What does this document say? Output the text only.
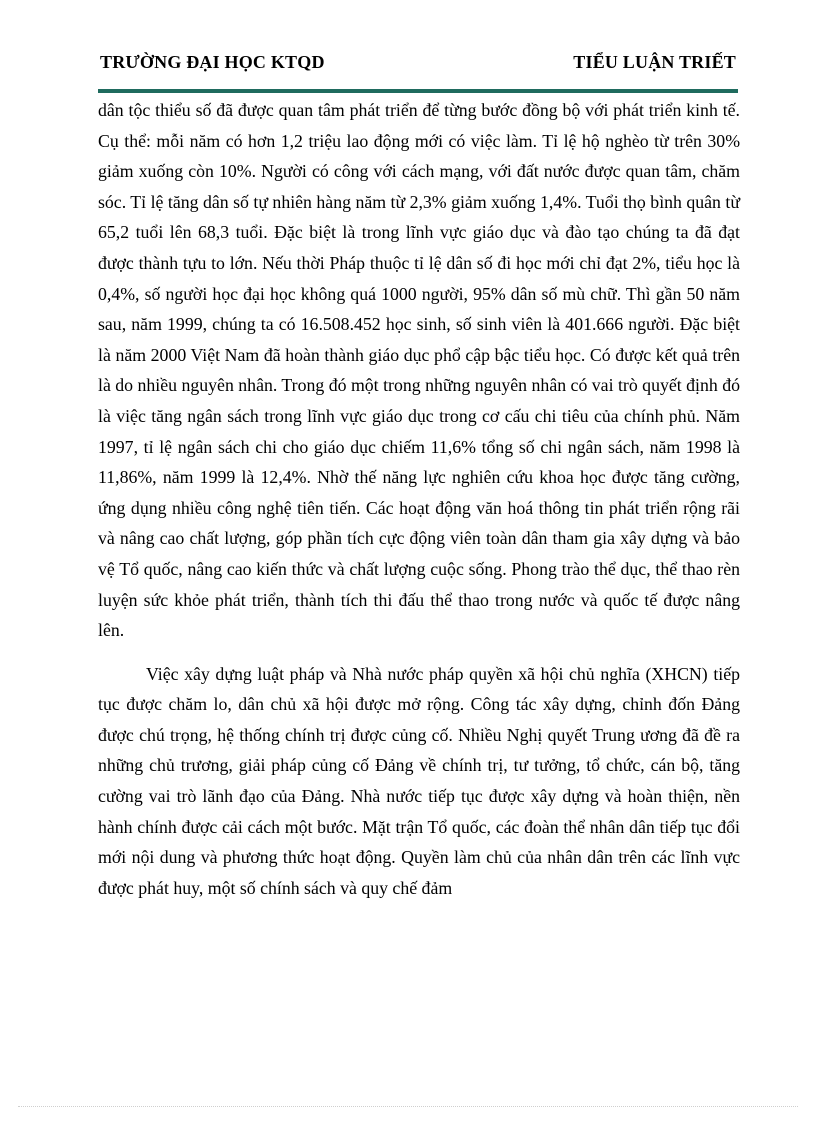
TRƯỜNG ĐẠI HỌC KTQD	TIỂU LUẬN TRIẾT

dân tộc thiểu số đã được quan tâm phát triển để từng bước đồng bộ với phát triển kinh tế. Cụ thể: mỗi năm có hơn 1,2 triệu lao động mới có việc làm. Tỉ lệ hộ nghèo từ trên 30% giảm xuống còn 10%. Người có công với cách mạng, với đất nước được quan tâm, chăm sóc. Tỉ lệ tăng dân số tự nhiên hàng năm từ 2,3% giảm xuống 1,4%. Tuổi thọ bình quân từ 65,2 tuổi lên 68,3 tuổi. Đặc biệt là trong lĩnh vực giáo dục và đào tạo chúng ta đã đạt được thành tựu to lớn. Nếu thời Pháp thuộc tỉ lệ dân số đi học mới chỉ đạt 2%, tiểu học là 0,4%, số người học đại học không quá 1000 người, 95% dân số mù chữ. Thì gần 50 năm sau, năm 1999, chúng ta có 16.508.452 học sinh, số sinh viên là 401.666 người. Đặc biệt là năm 2000 Việt Nam đã hoàn thành giáo dục phổ cập bậc tiểu học. Có được kết quả trên là do nhiều nguyên nhân. Trong đó một trong những nguyên nhân có vai trò quyết định đó là việc tăng ngân sách trong lĩnh vực giáo dục trong cơ cấu chi tiêu của chính phủ. Năm 1997, tỉ lệ ngân sách chi cho giáo dục chiếm 11,6% tổng số chi ngân sách, năm 1998 là 11,86%, năm 1999 là 12,4%. Nhờ thế năng lực nghiên cứu khoa học được tăng cường, ứng dụng nhiều công nghệ tiên tiến. Các hoạt động văn hoá thông tin phát triển rộng rãi và nâng cao chất lượng, góp phần tích cực động viên toàn dân tham gia xây dựng và bảo vệ Tổ quốc, nâng cao kiến thức và chất lượng cuộc sống. Phong trào thể dục, thể thao rèn luyện sức khỏe phát triển, thành tích thi đấu thể thao trong nước và quốc tế được nâng lên.

Việc xây dựng luật pháp và Nhà nước pháp quyền xã hội chủ nghĩa (XHCN) tiếp tục được chăm lo, dân chủ xã hội được mở rộng. Công tác xây dựng, chỉnh đốn Đảng được chú trọng, hệ thống chính trị được củng cố. Nhiều Nghị quyết Trung ương đã đề ra những chủ trương, giải pháp củng cố Đảng về chính trị, tư tưởng, tổ chức, cán bộ, tăng cường vai trò lãnh đạo của Đảng. Nhà nước tiếp tục được xây dựng và hoàn thiện, nền hành chính được cải cách một bước. Mặt trận Tổ quốc, các đoàn thể nhân dân tiếp tục đổi mới nội dung và phương thức hoạt động. Quyền làm chủ của nhân dân trên các lĩnh vực được phát huy, một số chính sách và quy chế đảm
